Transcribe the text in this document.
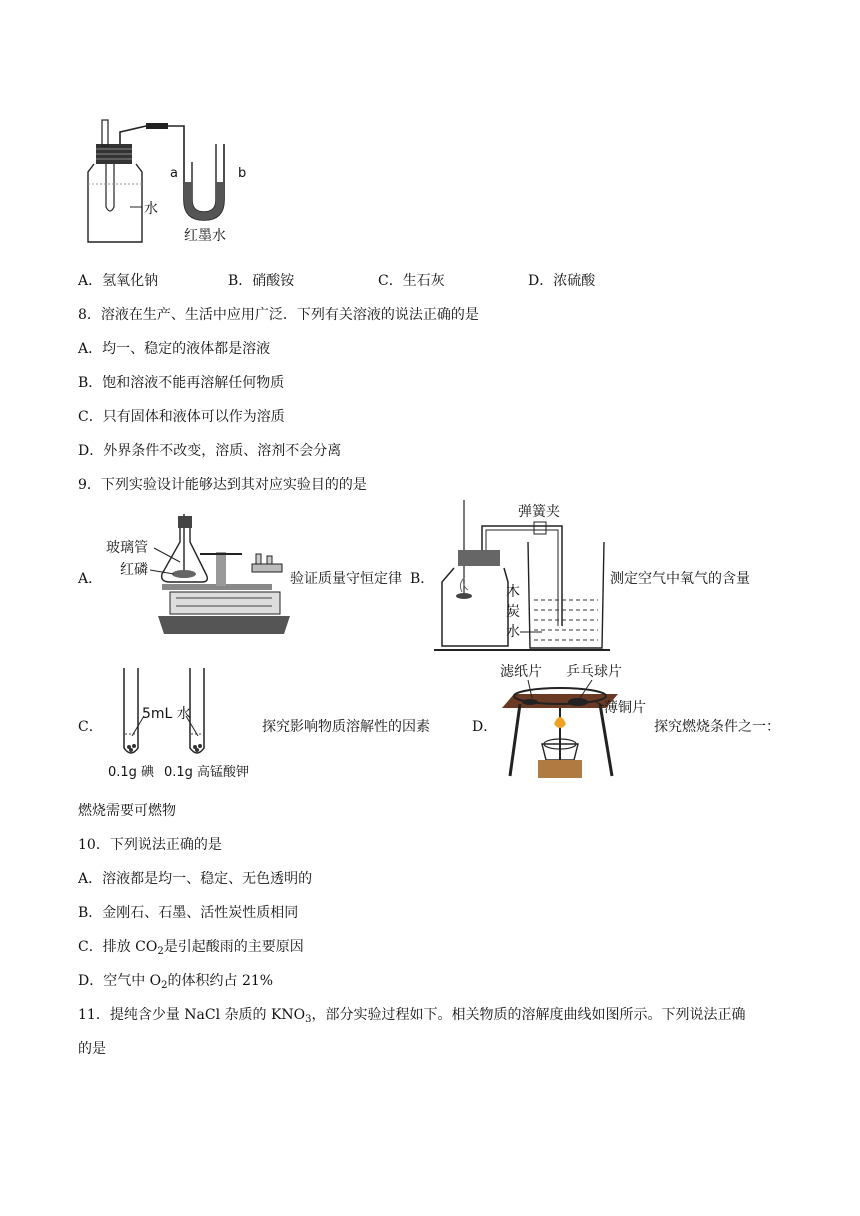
a	b
水
红墨水
A．氢氧化钠	B．硝酸铵	C．生石灰	D．浓硫酸
8．溶液在生产、生活中应用广泛．下列有关溶液的说法正确的是
A．均一、稳定的液体都是溶液
B．饱和溶液不能再溶解任何物质
C．只有固体和液体可以作为溶质
D．外界条件不改变，溶质、溶剂不会分离
9．下列实验设计能够达到其对应实验目的的是
A．
玻璃管
红磷
验证质量守恒定律 B．
弹簧夹
木
炭
水
测定空气中氧气的含量
C．
5mL 水
0.1g 碘 0.1g 高锰酸钾
探究影响物质溶解性的因素	D．
滤纸片 乒乓球片
薄铜片
探究燃烧条件之一：
燃烧需要可燃物
10．下列说法正确的是
A．溶液都是均一、稳定、无色透明的
B．金刚石、石墨、活性炭性质相同
C．排放 $CO_2$是引起酸雨的主要原因
D．空气中 $O_2$的体积约占 21%
11．提纯含少量 NaCl 杂质的 $KNO_3$，部分实验过程如下。相关物质的溶解度曲线如图所示。下列说法正确
的是
